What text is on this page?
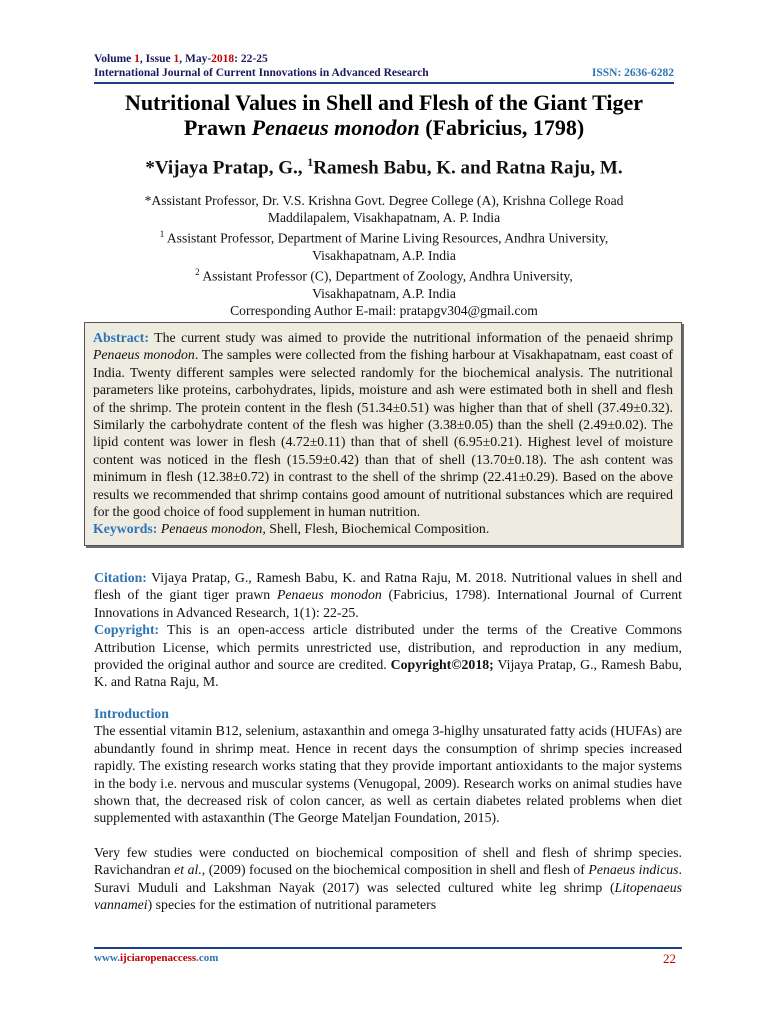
Volume 1, Issue 1, May-2018: 22-25
International Journal of Current Innovations in Advanced Research	ISSN: 2636-6282
Nutritional Values in Shell and Flesh of the Giant Tiger
Prawn Penaeus monodon (Fabricius, 1798)
*Vijaya Pratap, G., $^1$Ramesh Babu, K. and Ratna Raju, M.

*Assistant Professor, Dr. V.S. Krishna Govt. Degree College (A), Krishna College Road
Maddilapalem, Visakhapatnam, A. P. India

$^1$ Assistant Professor, Department of Marine Living Resources, Andhra University,
Visakhapatnam, A.P. India

$^2$ Assistant Professor (C), Department of Zoology, Andhra University,
Visakhapatnam, A.P. India

Corresponding Author E-mail: pratapgv304@gmail.com

Abstract: The current study was aimed to provide the nutritional information of the penaeid shrimp Penaeus monodon. The samples were collected from the fishing harbour at Visakhapatnam, east coast of India. Twenty different samples were selected randomly for the biochemical analysis. The nutritional parameters like proteins, carbohydrates, lipids, moisture and ash were estimated both in shell and flesh of the shrimp. The protein content in the flesh (51.34±0.51) was higher than that of shell (37.49±0.32). Similarly the carbohydrate content of the flesh was higher (3.38±0.05) than the shell (2.49±0.02). The lipid content was lower in flesh (4.72±0.11) than that of shell (6.95±0.21). Highest level of moisture content was noticed in the flesh (15.59±0.42) than that of shell (13.70±0.18). The ash content was minimum in flesh (12.38±0.72) in contrast to the shell of the shrimp (22.41±0.29). Based on the above results we recommended that shrimp contains good amount of nutritional substances which are required for the good choice of food supplement in human nutrition.

Keywords: Penaeus monodon, Shell, Flesh, Biochemical Composition.

Citation: Vijaya Pratap, G., Ramesh Babu, K. and Ratna Raju, M. 2018. Nutritional values in shell and flesh of the giant tiger prawn Penaeus monodon (Fabricius, 1798). International Journal of Current Innovations in Advanced Research, 1(1): 22-25.

Copyright: This is an open-access article distributed under the terms of the Creative Commons Attribution License, which permits unrestricted use, distribution, and reproduction in any medium, provided the original author and source are credited. Copyright©2018; Vijaya Pratap, G., Ramesh Babu, K. and Ratna Raju, M.

Introduction

The essential vitamin B12, selenium, astaxanthin and omega 3-higlhy unsaturated fatty acids (HUFAs) are abundantly found in shrimp meat. Hence in recent days the consumption of shrimp species increased rapidly. The existing research works stating that they provide important antioxidants to the major systems in the body i.e. nervous and muscular systems (Venugopal, 2009). Research works on animal studies have shown that, the decreased risk of colon cancer, as well as certain diabetes related problems when diet supplemented with astaxanthin (The George Mateljan Foundation, 2015).

Very few studies were conducted on biochemical composition of shell and flesh of shrimp species. Ravichandran et al., (2009) focused on the biochemical composition in shell and flesh of Penaeus indicus. Suravi Muduli and Lakshman Nayak (2017) was selected cultured white leg shrimp (Litopenaeus vannamei) species for the estimation of nutritional parameters

www.ijciaropenaccess.com	22
